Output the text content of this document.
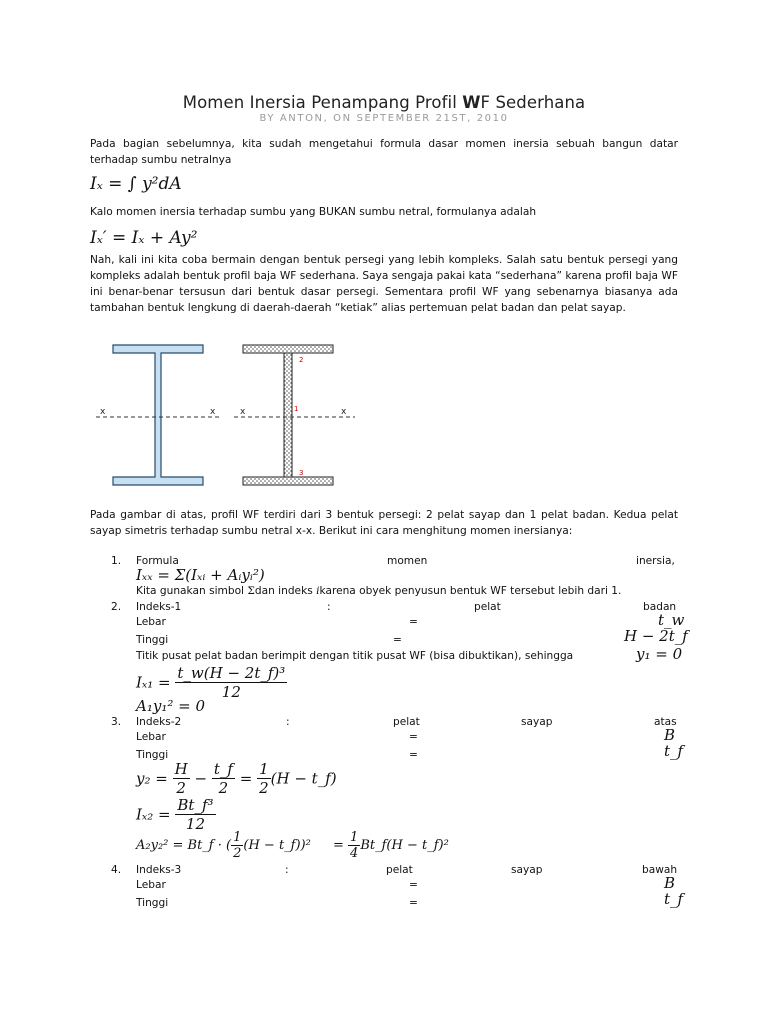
Momen Inersia Penampang Profil WF Sederhana
BY ANTON, ON SEPTEMBER 21ST, 2010
Pada bagian sebelumnya, kita sudah mengetahui formula dasar momen inersia sebuah bangun datar terhadap sumbu netralnya
Iₓ = ∫ y²dA
Kalo momen inersia terhadap sumbu yang BUKAN sumbu netral, formulanya adalah
Iₓ′ = Iₓ + Ay²
Nah, kali ini kita coba bermain dengan bentuk persegi yang lebih kompleks. Salah satu bentuk persegi yang kompleks adalah bentuk profil baja WF sederhana. Saya sengaja pakai kata “sederhana” karena profil baja WF ini benar-benar tersusun dari bentuk dasar persegi. Sementara profil WF yang sebenarnya biasanya ada tambahan bentuk lengkung di daerah-daerah “ketiak” alias pertemuan pelat badan dan pelat sayap.
x	x	x	x
1
2
3
Pada gambar di atas, profil WF terdiri dari 3 bentuk persegi: 2 pelat sayap dan 1 pelat badan. Kedua pelat sayap simetris terhadap sumbu netral x-x. Berikut ini cara menghitung momen inersianya:
1. Formula	momen	inersia,
Iₓₓ = Σ(Iₓᵢ + Aᵢyᵢ²)
Kita gunakan simbol Σdan indeks ikarena obyek penyusun bentuk WF tersebut lebih dari 1.
2. Indeks-1	:	pelat	badan
Lebar	=	t_w
Tinggi	=	H − 2t_f
Titik pusat pelat badan berimpit dengan titik pusat WF (bisa dibuktikan), sehingga	y₁ = 0
$I_{x1} = \frac{\text{t\_w(H − 2t\_f)³}}{12}$
A₁y₁² = 0
3. Indeks-2	:	pelat	sayap	atas
Lebar	=	B
Tinggi	=	t_f
$y_2 = \frac{H}{2} - \frac{t\_f}{2} = \frac{1}{2} (H$ − t_f)
$I_{x2} = \frac{\text{Bt\_f³}}{12}$
A₂y₂² = Bt_f · ( $\frac{1}{2} (H$ − t_f))² = $\frac{1}{4}$ Bt_f(H − t_f)²
4. Indeks-3	:	pelat	sayap	bawah
Lebar	=	B
Tinggi	=	t_f
